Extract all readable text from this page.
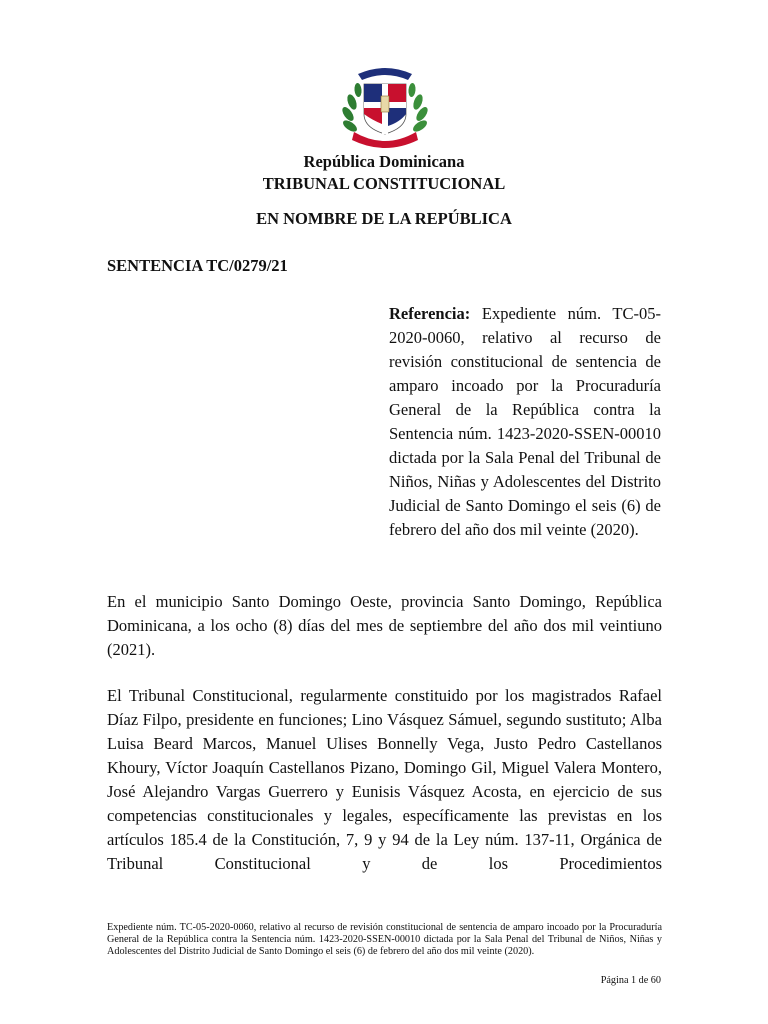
República Dominicana
TRIBUNAL CONSTITUCIONAL
EN NOMBRE DE LA REPÚBLICA
SENTENCIA TC/0279/21
Referencia: Expediente núm. TC-05-2020-0060, relativo al recurso de revisión constitucional de sentencia de amparo incoado por la Procuraduría General de la República contra la Sentencia núm. 1423-2020-SSEN-00010 dictada por la Sala Penal del Tribunal de Niños, Niñas y Adolescentes del Distrito Judicial de Santo Domingo el seis (6) de febrero del año dos mil veinte (2020).

En el municipio Santo Domingo Oeste, provincia Santo Domingo, República Dominicana, a los ocho (8) días del mes de septiembre del año dos mil veintiuno (2021).

El Tribunal Constitucional, regularmente constituido por los magistrados Rafael Díaz Filpo, presidente en funciones; Lino Vásquez Sámuel, segundo sustituto; Alba Luisa Beard Marcos, Manuel Ulises Bonnelly Vega, Justo Pedro Castellanos Khoury, Víctor Joaquín Castellanos Pizano, Domingo Gil, Miguel Valera Montero, José Alejandro Vargas Guerrero y Eunisis Vásquez Acosta, en ejercicio de sus competencias constitucionales y legales, específicamente las previstas en los artículos 185.4 de la Constitución, 7, 9 y 94 de la Ley núm. 137-11, Orgánica de Tribunal Constitucional y de los Procedimientos

Expediente núm. TC-05-2020-0060, relativo al recurso de revisión constitucional de sentencia de amparo incoado por la Procuraduría General de la República contra la Sentencia núm. 1423-2020-SSEN-00010 dictada por la Sala Penal del Tribunal de Niños, Niñas y Adolescentes del Distrito Judicial de Santo Domingo el seis (6) de febrero del año dos mil veinte (2020).
Página 1 de 60
